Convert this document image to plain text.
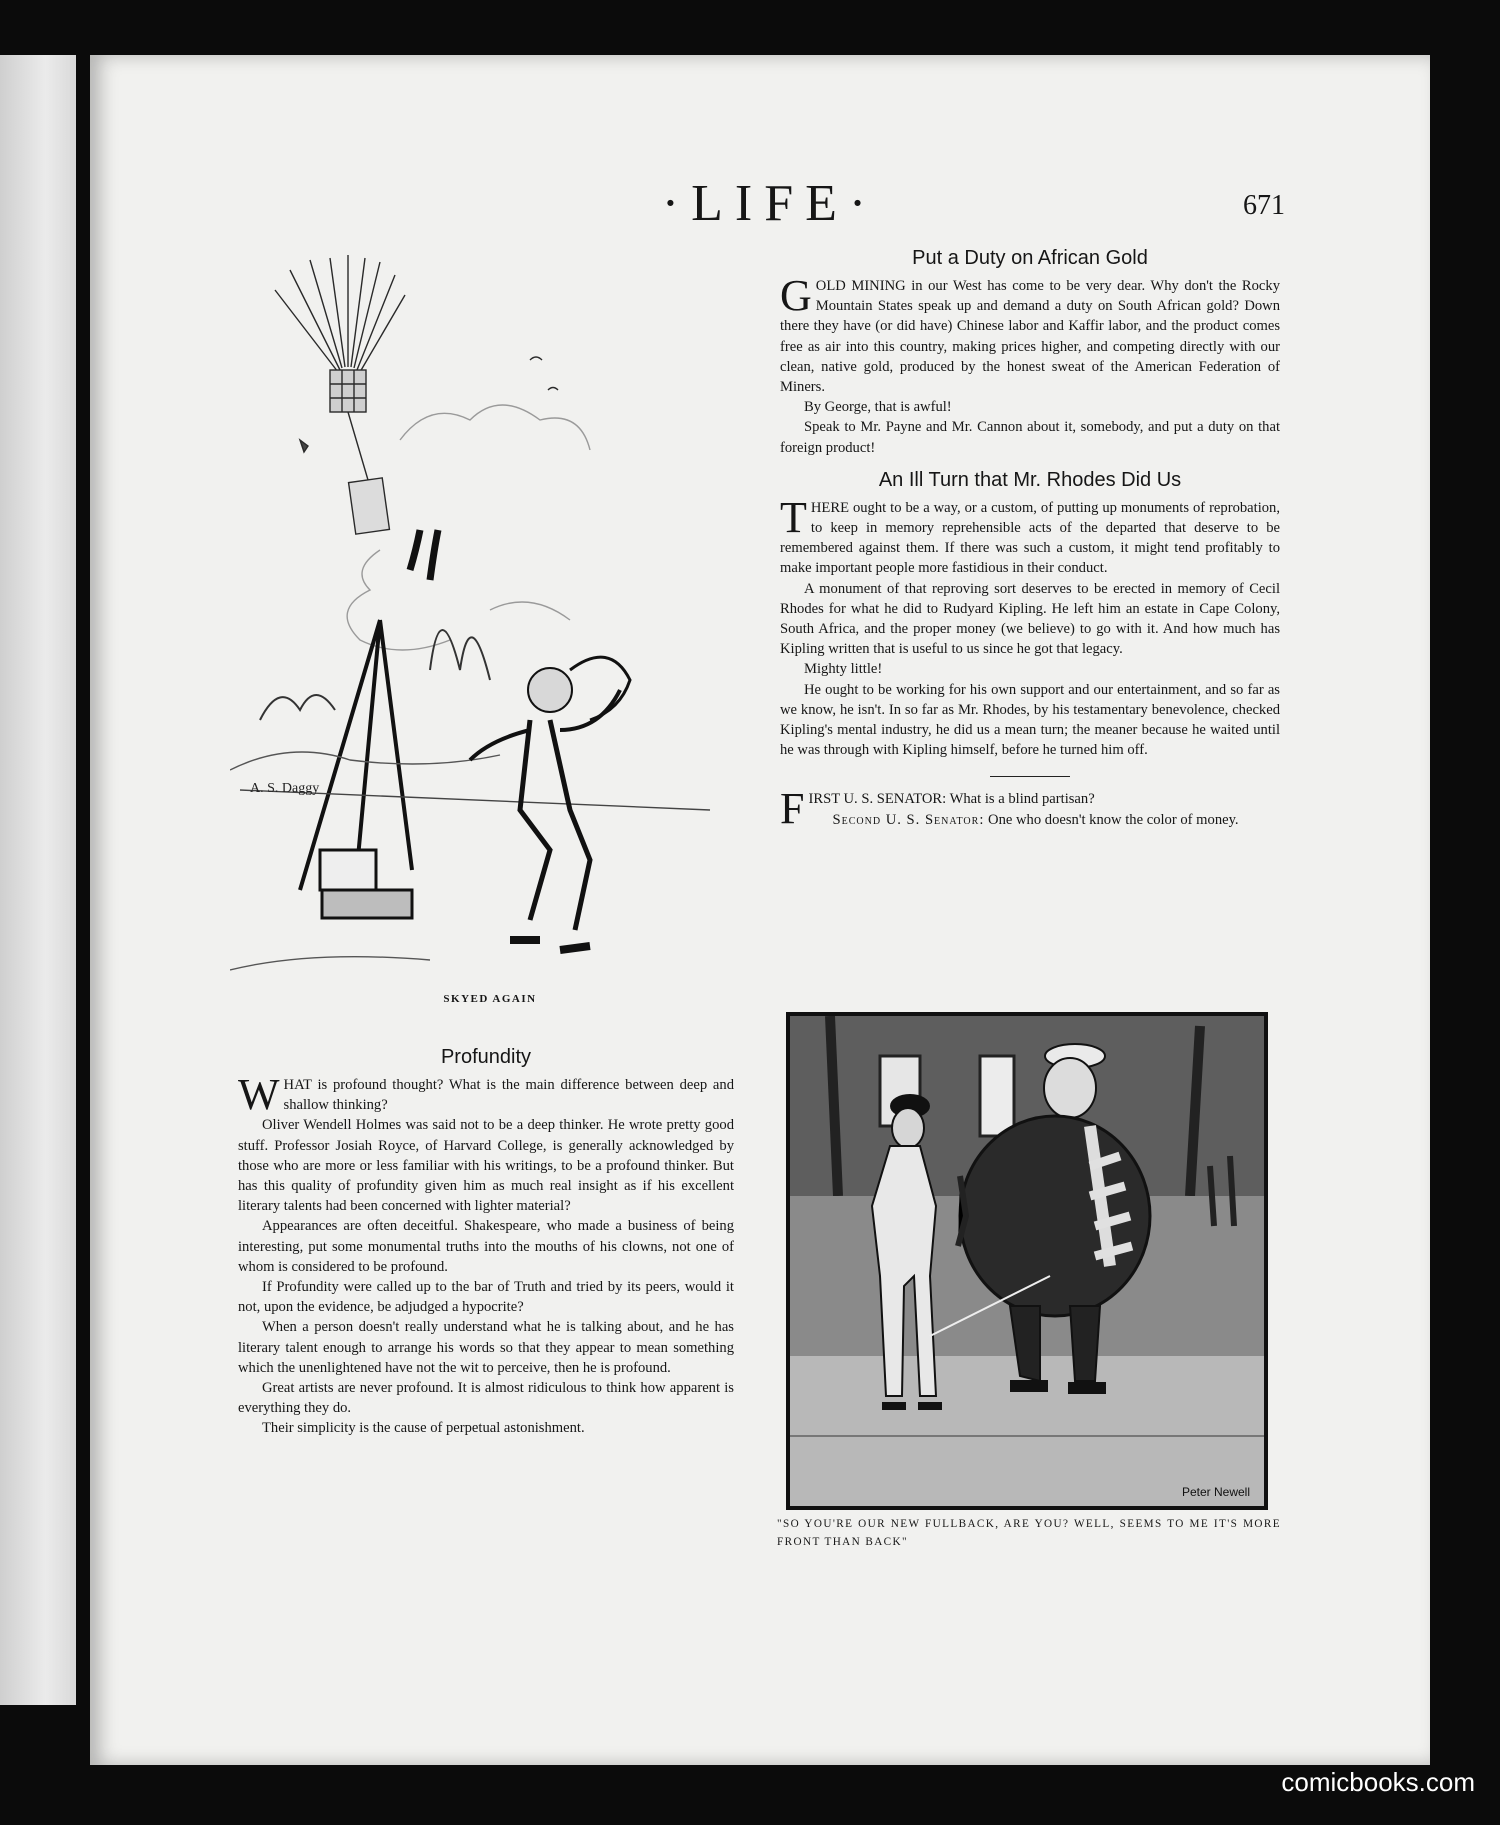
·LIFE·	671
A. S. Daggy
SKYED AGAIN
Profundity

WHAT is profound thought? What is the main difference between deep and shallow thinking?

Oliver Wendell Holmes was said not to be a deep thinker. He wrote pretty good stuff. Professor Josiah Royce, of Harvard College, is generally acknowledged by those who are more or less familiar with his writings, to be a profound thinker. But has this quality of profundity given him as much real insight as if his excellent literary talents had been concerned with lighter material?

Appearances are often deceitful. Shakespeare, who made a business of being interesting, put some monumental truths into the mouths of his clowns, not one of whom is considered to be profound.

If Profundity were called up to the bar of Truth and tried by its peers, would it not, upon the evidence, be adjudged a hypocrite?

When a person doesn't really understand what he is talking about, and he has literary talent enough to arrange his words so that they appear to mean something which the unenlightened have not the wit to perceive, then he is profound.

Great artists are never profound. It is almost ridiculous to think how apparent is everything they do.

Their simplicity is the cause of perpetual astonishment.

Put a Duty on African Gold

GOLD MINING in our West has come to be very dear. Why don't the Rocky Mountain States speak up and demand a duty on South African gold? Down there they have (or did have) Chinese labor and Kaffir labor, and the product comes free as air into this country, making prices higher, and competing directly with our clean, native gold, produced by the honest sweat of the American Federation of Miners.

By George, that is awful!

Speak to Mr. Payne and Mr. Cannon about it, somebody, and put a duty on that foreign product!

An Ill Turn that Mr. Rhodes Did Us

THERE ought to be a way, or a custom, of putting up monuments of reprobation, to keep in memory reprehensible acts of the departed that deserve to be remembered against them. If there was such a custom, it might tend profitably to make important people more fastidious in their conduct.

A monument of that reproving sort deserves to be erected in memory of Cecil Rhodes for what he did to Rudyard Kipling. He left him an estate in Cape Colony, South Africa, and the proper money (we believe) to go with it. And how much has Kipling written that is useful to us since he got that legacy.

Mighty little!

He ought to be working for his own support and our entertainment, and so far as we know, he isn't. In so far as Mr. Rhodes, by his testamentary benevolence, checked Kipling's mental industry, he did us a mean turn; the meaner because he waited until he was through with Kipling himself, before he turned him off.

FIRST U. S. SENATOR: What is a blind partisan?

Second U. S. Senator: One who doesn't know the color of money.

Peter Newell
"SO YOU'RE OUR NEW FULLBACK, ARE YOU? WELL, SEEMS TO ME IT'S MORE FRONT THAN BACK"
comicbooks.com
